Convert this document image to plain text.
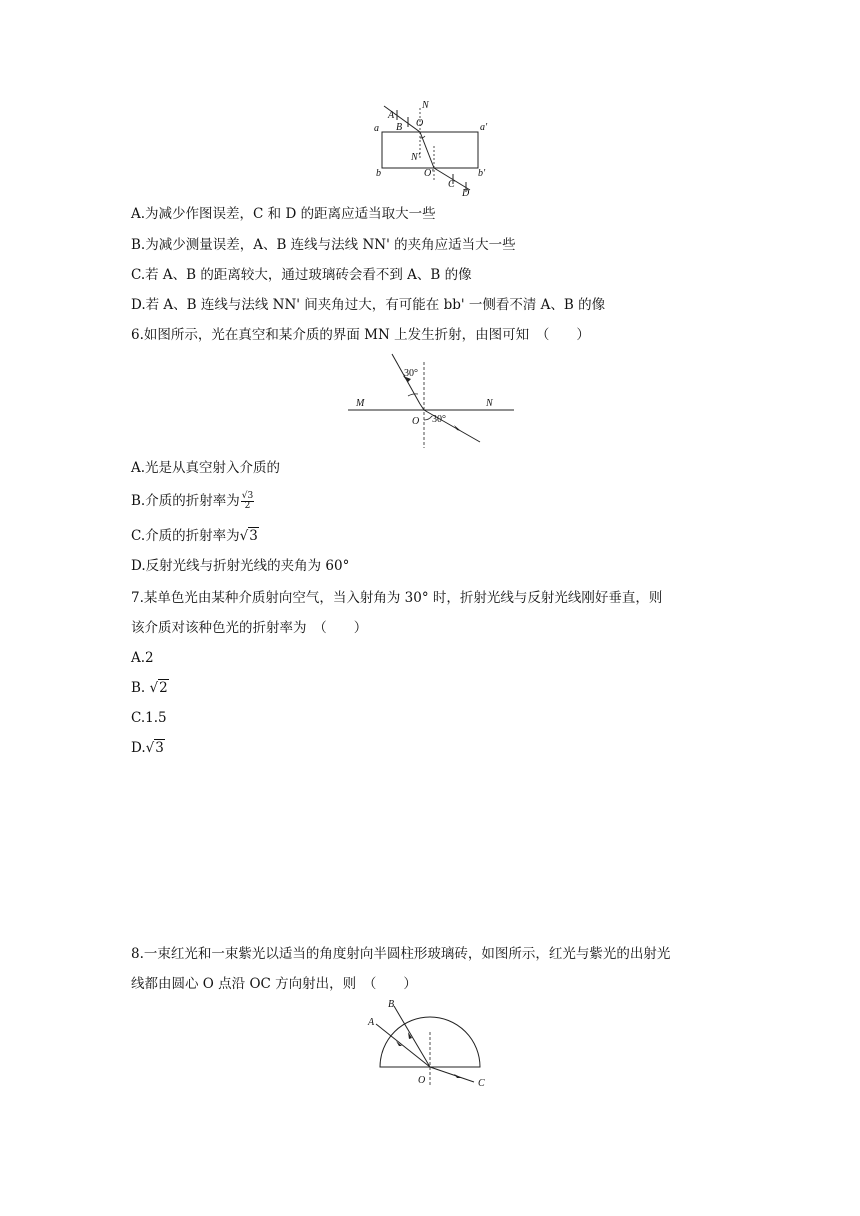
N
A
O
a B	a'
N'
O'
b	b'
C
D
A.为减少作图误差，C 和 D 的距离应适当取大一些
B.为减少测量误差，A、B 连线与法线 NN' 的夹角应适当大一些
C.若 A、B 的距离较大，通过玻璃砖会看不到 A、B 的像
D.若 A、B 连线与法线 NN' 间夹角过大，有可能在 bb' 一侧看不清 A、B 的像
6.如图所示，光在真空和某介质的界面 MN 上发生折射，由图可知　（　　）
30°
M	N
O 30°
A.光是从真空射入介质的
B.介质的折射率为 $\frac{√3}{2}$
C.介质的折射率为√3
D.反射光线与折射光线的夹角为 60°
7.某单色光由某种介质射向空气，当入射角为 30° 时，折射光线与反射光线刚好垂直，则
该介质对该种色光的折射率为　（　　）
A.2
B. √2
C.1.5
D.√3
8.一束红光和一束紫光以适当的角度射向半圆柱形玻璃砖，如图所示，红光与紫光的出射光
线都由圆心 O 点沿 OC 方向射出，则　（　　）
B
A
O	C
